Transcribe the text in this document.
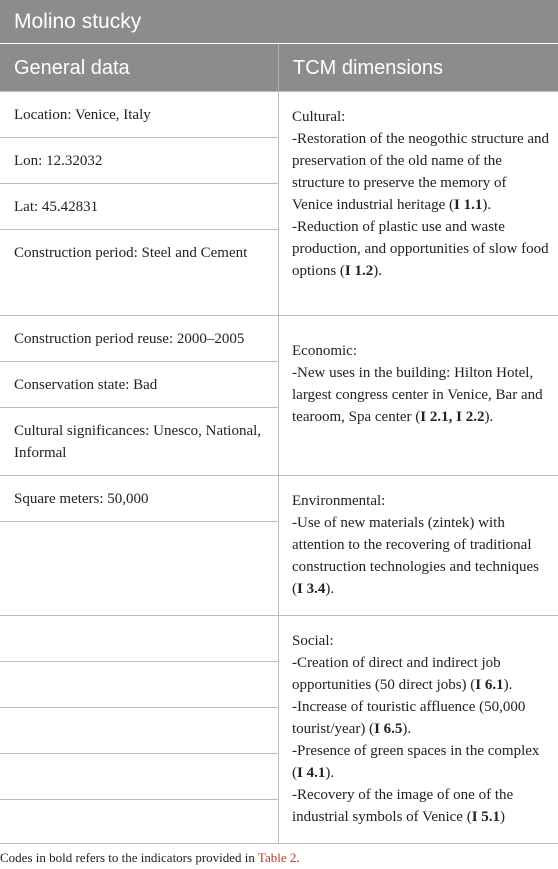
Molino stucky
General data	TCM dimensions
Location: Venice, Italy
Lon: 12.32032
Lat: 45.42831
Construction period: Steel and Cement
Cultural:
-Restoration of the neogothic structure and preservation of the old name of the structure to preserve the memory of Venice industrial heritage (I 1.1).
-Reduction of plastic use and waste production, and opportunities of slow food options (I 1.2).
Construction period reuse: 2000–2005
Conservation state: Bad
Cultural significances: Unesco, National, Informal
Economic:
-New uses in the building: Hilton Hotel, largest congress center in Venice, Bar and tearoom, Spa center (I 2.1, I 2.2).
Square meters: 50,000	Environmental:
-Use of new materials (zintek) with attention to the recovering of traditional construction technologies and techniques (I 3.4).
Social:
-Creation of direct and indirect job opportunities (50 direct jobs) (I 6.1).
-Increase of touristic affluence (50,000 tourist/year) (I 6.5).
-Presence of green spaces in the complex (I 4.1).
-Recovery of the image of one of the industrial symbols of Venice (I 5.1)
Codes in bold refers to the indicators provided in Table 2.
